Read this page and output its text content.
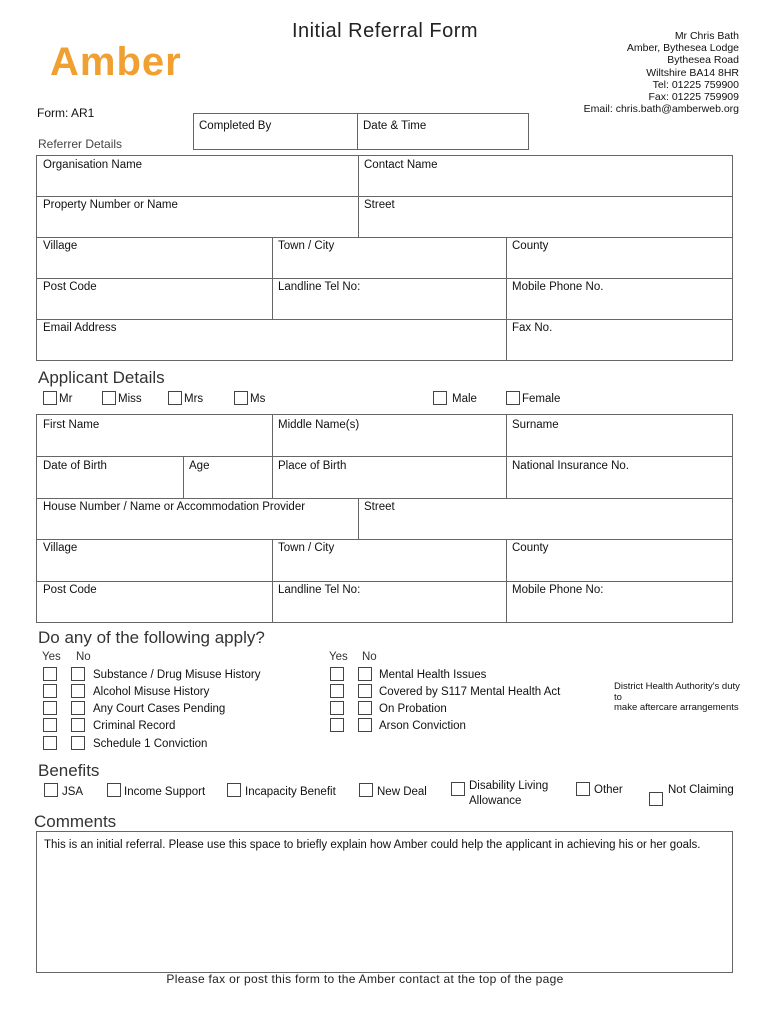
Initial Referral Form
Amber
Mr Chris Bath
Amber, Bythesea Lodge
Bythesea Road
Wiltshire BA14 8HR
Tel: 01225 759900
Fax: 01225 759909
Email: chris.bath@amberweb.org
Form: AR1
Completed By	Date & Time
Referrer Details
Organisation Name	Contact Name
Property Number or Name	Street
Village	Town / City	County
Post Code	Landline Tel No:	Mobile Phone No.
Email Address	Fax No.
Applicant Details
Mr	Miss	Mrs	Ms	Male	Female
First Name	Middle Name(s)	Surname
Date of Birth	Age	Place of Birth	National Insurance No.
House Number / Name or Accommodation Provider	Street
Village	Town / City	County
Post Code	Landline Tel No:	Mobile Phone No:
Do any of the following apply?
Yes No	Yes No
Substance / Drug Misuse History
Alcohol Misuse History
Any Court Cases Pending
Criminal Record
Schedule 1 Conviction
Mental Health Issues
Covered by S117 Mental Health Act
On Probation
Arson Conviction
District Health Authority's duty
to
make aftercare arrangements
Benefits
JSA	Income Support	Incapacity Benefit	New Deal	Disability Living
Allowance
Other	Not Claiming
Comments
This is an initial referral. Please use this space to briefly explain how Amber could help the applicant in achieving his or her goals.
Please fax or post this form to the Amber contact at the top of the page
